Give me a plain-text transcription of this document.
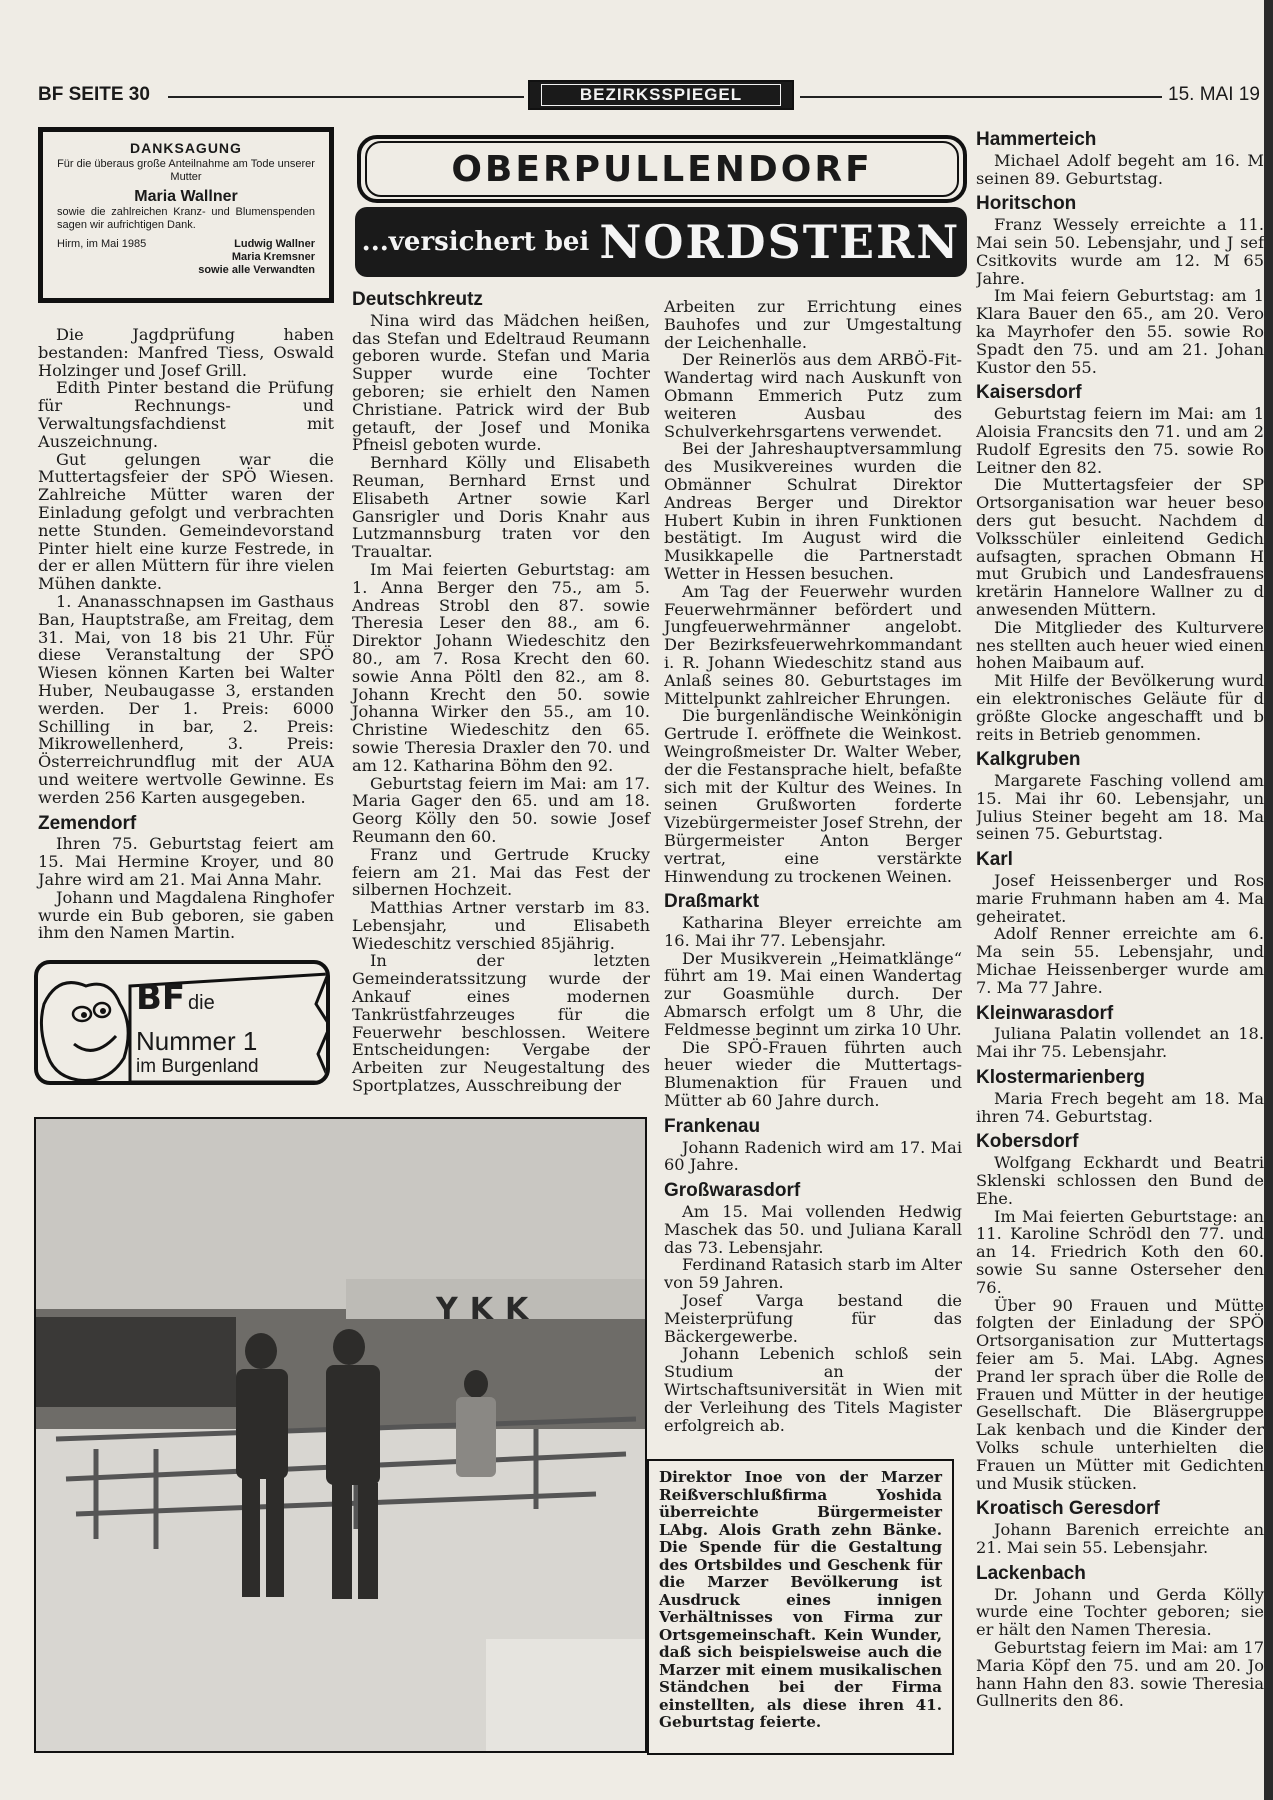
BF SEITE 30	BEZIRKSSPIEGEL	15. MAI 19
DANKSAGUNG
Für die überaus große Anteilnahme am Tode unserer Mutter
Maria Wallner
sowie die zahlreichen Kranz- und Blumenspenden sagen wir aufrichtigen Dank.
Hirm, im Mai 1985	Ludwig Wallner
Maria Kremsner
sowie alle Verwandten

Die Jagdprüfung haben bestanden: Manfred Tiess, Oswald Holzinger und Josef Grill.

Edith Pinter bestand die Prüfung für Rechnungs- und Verwaltungsfachdienst mit Auszeichnung.

Gut gelungen war die Muttertagsfeier der SPÖ Wiesen. Zahlreiche Mütter waren der Einladung gefolgt und verbrachten nette Stunden. Gemeindevorstand Pinter hielt eine kurze Festrede, in der er allen Müttern für ihre vielen Mühen dankte.

1. Ananasschnapsen im Gasthaus Ban, Hauptstraße, am Freitag, dem 31. Mai, von 18 bis 21 Uhr. Für diese Veranstaltung der SPÖ Wiesen können Karten bei Walter Huber, Neubaugasse 3, erstanden werden. Der 1. Preis: 6000 Schilling in bar, 2. Preis: Mikrowellenherd, 3. Preis: Österreichrundflug mit der AUA und weitere wertvolle Gewinne. Es werden 256 Karten ausgegeben.

Zemendorf

Ihren 75. Geburtstag feiert am 15. Mai Hermine Kroyer, und 80 Jahre wird am 21. Mai Anna Mahr.

Johann und Magdalena Ringhofer wurde ein Bub geboren, sie gaben ihm den Namen Martin.

BF die
Nummer 1
im Burgenland
OBERPULLENDORF
...versichert bei NORDSTERN
Deutschkreutz

Nina wird das Mädchen heißen, das Stefan und Edeltraud Reumann geboren wurde. Stefan und Maria Supper wurde eine Tochter geboren; sie erhielt den Namen Christiane. Patrick wird der Bub getauft, der Josef und Monika Pfneisl geboten wurde.

Bernhard Kölly und Elisabeth Reuman, Bernhard Ernst und Elisabeth Artner sowie Karl Gansrigler und Doris Knahr aus Lutzmannsburg traten vor den Traualtar.

Im Mai feierten Geburtstag: am 1. Anna Berger den 75., am 5. Andreas Strobl den 87. sowie Theresia Leser den 88., am 6. Direktor Johann Wiedeschitz den 80., am 7. Rosa Krecht den 60. sowie Anna Pöltl den 82., am 8. Johann Krecht den 50. sowie Johanna Wirker den 55., am 10. Christine Wiedeschitz den 65. sowie Theresia Draxler den 70. und am 12. Katharina Böhm den 92.

Geburtstag feiern im Mai: am 17. Maria Gager den 65. und am 18. Georg Kölly den 50. sowie Josef Reumann den 60.

Franz und Gertrude Krucky feiern am 21. Mai das Fest der silbernen Hochzeit.

Matthias Artner verstarb im 83. Lebensjahr, und Elisabeth Wiedeschitz verschied 85jährig.

In der letzten Gemeinderatssitzung wurde der Ankauf eines modernen Tankrüstfahrzeuges für die Feuerwehr beschlossen. Weitere Entscheidungen: Vergabe der Arbeiten zur Neugestaltung des Sportplatzes, Ausschreibung der

Arbeiten zur Errichtung eines Bauhofes und zur Umgestaltung der Leichenhalle.

Der Reinerlös aus dem ARBÖ-Fit-Wandertag wird nach Auskunft von Obmann Emmerich Putz zum weiteren Ausbau des Schulverkehrsgartens verwendet.

Bei der Jahreshauptversammlung des Musikvereines wurden die Obmänner Schulrat Direktor Andreas Berger und Direktor Hubert Kubin in ihren Funktionen bestätigt. Im August wird die Musikkapelle die Partnerstadt Wetter in Hessen besuchen.

Am Tag der Feuerwehr wurden Feuerwehrmänner befördert und Jungfeuerwehrmänner angelobt. Der Bezirksfeuerwehrkommandant i. R. Johann Wiedeschitz stand aus Anlaß seines 80. Geburtstages im Mittelpunkt zahlreicher Ehrungen.

Die burgenländische Weinkönigin Gertrude I. eröffnete die Weinkost. Weingroßmeister Dr. Walter Weber, der die Festansprache hielt, befaßte sich mit der Kultur des Weines. In seinen Grußworten forderte Vizebürgermeister Josef Strehn, der Bürgermeister Anton Berger vertrat, eine verstärkte Hinwendung zu trockenen Weinen.

Draßmarkt

Katharina Bleyer erreichte am 16. Mai ihr 77. Lebensjahr.

Der Musikverein „Heimatklänge“ führt am 19. Mai einen Wandertag zur Goasmühle durch. Der Abmarsch erfolgt um 8 Uhr, die Feldmesse beginnt um zirka 10 Uhr.

Die SPÖ-Frauen führten auch heuer wieder die Muttertags-Blumenaktion für Frauen und Mütter ab 60 Jahre durch.

Frankenau

Johann Radenich wird am 17. Mai 60 Jahre.

Großwarasdorf

Am 15. Mai vollenden Hedwig Maschek das 50. und Juliana Karall das 73. Lebensjahr.

Ferdinand Ratasich starb im Alter von 59 Jahren.

Josef Varga bestand die Meisterprüfung für das Bäckergewerbe.

Johann Lebenich schloß sein Studium an der Wirtschaftsuniversität in Wien mit der Verleihung des Titels Magister erfolgreich ab.

YKK
Direktor Inoe von der Marzer Reißverschlußfirma Yoshida überreichte Bürgermeister LAbg. Alois Grath zehn Bänke. Die Spende für die Gestaltung des Ortsbildes und Geschenk für die Marzer Bevölkerung ist Ausdruck eines innigen Verhältnisses von Firma zur Ortsgemeinschaft. Kein Wunder, daß sich beispielsweise auch die Marzer mit einem musikalischen Ständchen bei der Firma einstellten, als diese ihren 41. Geburtstag feierte.
Hammerteich

Michael Adolf begeht am 16. M seinen 89. Geburtstag.

Horitschon

Franz Wessely erreichte a 11. Mai sein 50. Lebensjahr, und J sef Csitkovits wurde am 12. M 65 Jahre.

Im Mai feiern Geburtstag: am 1 Klara Bauer den 65., am 20. Vero ka Mayrhofer den 55. sowie Ro Spadt den 75. und am 21. Johan Kustor den 55.

Kaisersdorf

Geburtstag feiern im Mai: am 1 Aloisia Francsits den 71. und am 2 Rudolf Egresits den 75. sowie Ro Leitner den 82.

Die Muttertagsfeier der SP Ortsorganisation war heuer beso ders gut besucht. Nachdem d Volksschüler einleitend Gedich aufsagten, sprachen Obmann H mut Grubich und Landesfrauens kretärin Hannelore Wallner zu d anwesenden Müttern.

Die Mitglieder des Kulturvere nes stellten auch heuer wied einen hohen Maibaum auf.

Mit Hilfe der Bevölkerung wurd ein elektronisches Geläute für d größte Glocke angeschafft und b reits in Betrieb genommen.

Kalkgruben

Margarete Fasching vollend am 15. Mai ihr 60. Lebensjahr, un Julius Steiner begeht am 18. Ma seinen 75. Geburtstag.

Karl

Josef Heissenberger und Ros marie Fruhmann haben am 4. Ma geheiratet.

Adolf Renner erreichte am 6. Ma sein 55. Lebensjahr, und Michae Heissenberger wurde am 7. Ma 77 Jahre.

Kleinwarasdorf

Juliana Palatin vollendet an 18. Mai ihr 75. Lebensjahr.

Klostermarienberg

Maria Frech begeht am 18. Ma ihren 74. Geburtstag.

Kobersdorf

Wolfgang Eckhardt und Beatri Sklenski schlossen den Bund de Ehe.

Im Mai feierten Geburtstage: an 11. Karoline Schrödl den 77. und an 14. Friedrich Koth den 60. sowie Su sanne Osterseher den 76.

Über 90 Frauen und Mütte folgten der Einladung der SPÖ Ortsorganisation zur Muttertags feier am 5. Mai. LAbg. Agnes Prand ler sprach über die Rolle de Frauen und Mütter in der heutige Gesellschaft. Die Bläsergruppe Lak kenbach und die Kinder der Volks schule unterhielten die Frauen un Mütter mit Gedichten und Musik stücken.

Kroatisch Geresdorf

Johann Barenich erreichte an 21. Mai sein 55. Lebensjahr.

Lackenbach

Dr. Johann und Gerda Kölly wurde eine Tochter geboren; sie er hält den Namen Theresia.

Geburtstag feiern im Mai: am 17 Maria Köpf den 75. und am 20. Jo hann Hahn den 83. sowie Theresia Gullnerits den 86.
